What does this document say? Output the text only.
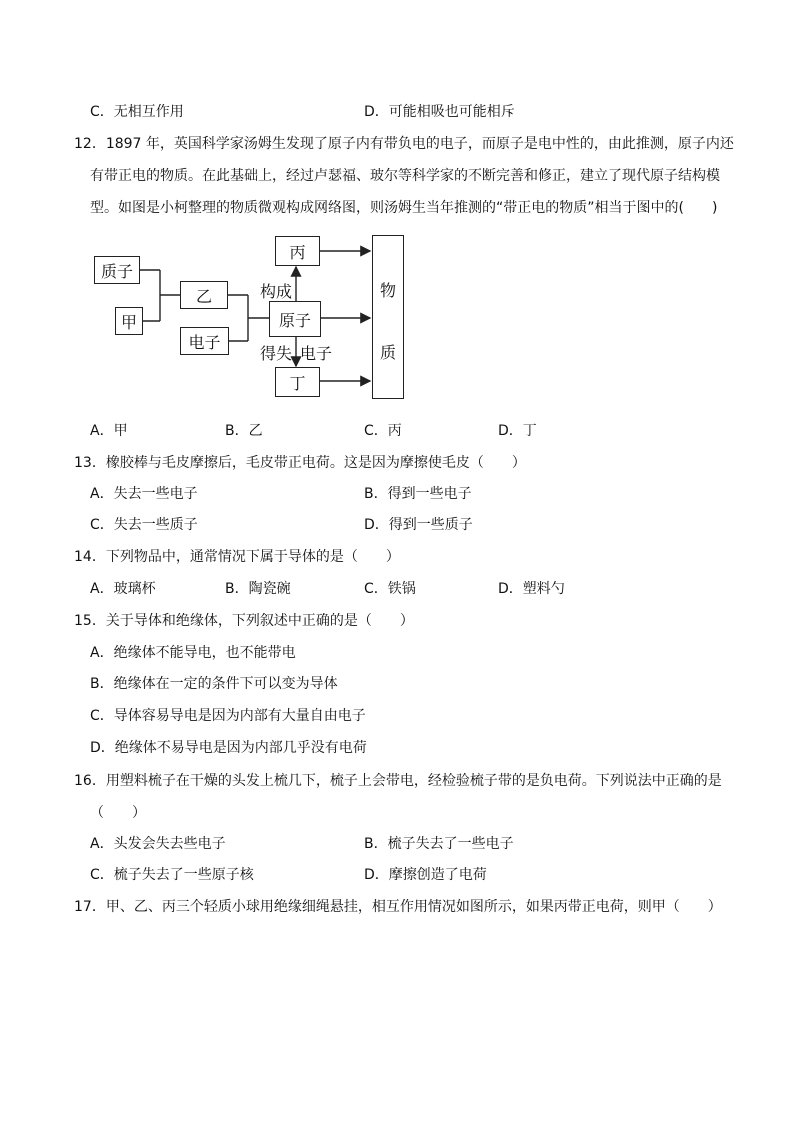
C．无相互作用	D．可能相吸也可能相斥
12．1897 年，英国科学家汤姆生发现了原子内有带负电的电子，而原子是电中性的，由此推测，原子内还
有带正电的物质。在此基础上，经过卢瑟福、玻尔等科学家的不断完善和修正，建立了现代原子结构模
型。如图是小柯整理的物质微观构成网络图，则汤姆生当年推测的“带正电的物质”相当于图中的(　　)
质子
甲
乙
电子
原子
丙
丁
构成
得失 电子
物
质
A．甲	B．乙	C．丙	D．丁
13．橡胶棒与毛皮摩擦后，毛皮带正电荷。这是因为摩擦使毛皮（　　）
A．失去一些电子	B．得到一些电子
C．失去一些质子	D．得到一些质子
14．下列物品中，通常情况下属于导体的是（　　）
A．玻璃杯	B．陶瓷碗	C．铁锅	D．塑料勺
15．关于导体和绝缘体，下列叙述中正确的是（　　）
A．绝缘体不能导电，也不能带电
B．绝缘体在一定的条件下可以变为导体
C．导体容易导电是因为内部有大量自由电子
D．绝缘体不易导电是因为内部几乎没有电荷
16．用塑料梳子在干燥的头发上梳几下，梳子上会带电，经检验梳子带的是负电荷。下列说法中正确的是
（　　）
A．头发会失去些电子	B．梳子失去了一些电子
C．梳子失去了一些原子核	D．摩擦创造了电荷
17．甲、乙、丙三个轻质小球用绝缘细绳悬挂，相互作用情况如图所示，如果丙带正电荷，则甲（　　）
